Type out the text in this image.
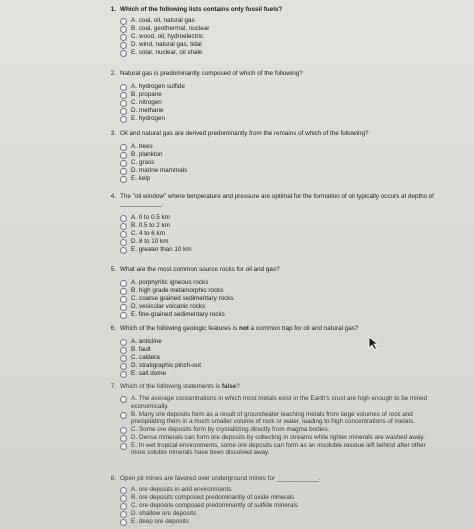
1. Which of the following lists contains only fossil fuels?
A. coal, oil, natural gas
B. coal, geothermal, nuclear
C. wood, oil, hydroelectric
D. wind, natural gas, tidal
E. solar, nuclear, oil shale
2. Natural gas is predominantly composed of which of the following?
A. hydrogen sulfide
B. propane
C. nitrogen
D. methane
E. hydrogen
3. Oil and natural gas are derived predominantly from the remains of which of the following?
A. trees
B. plankton
C. grass
D. marine mammals
E. kelp
4. The "oil window" where temperature and pressure are optimal for the formation of oil typically occurs at depths of ____________.
A. 0 to 0.5 km
B. 0.5 to 2 km
C. 4 to 6 km
D. 8 to 10 km
E. greater than 10 km
5. What are the most common source rocks for oil and gas?
A. porphyritic igneous rocks
B. high grade metamorphic rocks
C. coarse grained sedimentary rocks
D. vesicular volcanic rocks
E. fine-grained sedimentary rocks
6. Which of the following geologic features is not a common trap for oil and natural gas?
A. anticline
B. fault
C. caldera
D. stratigraphic pinch-out
E. salt dome
7. Which of the following statements is false?
A. The average concentrations in which most metals exist in the Earth's crust are high enough to be mined economically.
B. Many ore deposits form as a result of groundwater leaching metals from large volumes of rock and precipitating them in a much smaller volume of rock or water, leading to high concentrations of metals.
C. Some ore deposits form by crystallizing directly from magma bodies.
D. Dense minerals can form ore deposits by collecting in streams while lighter minerals are washed away.
E. In wet tropical environments, some ore deposits can form as an insoluble residue left behind after other more soluble minerals have been dissolved away.
8. Open pit mines are favored over underground mines for ____________.
A. ore deposits in arid environments
B. ore deposits composed predominantly of oxide minerals
C. ore deposits composed predominantly of sulfide minerals
D. shallow ore deposits
E. deep ore deposits
